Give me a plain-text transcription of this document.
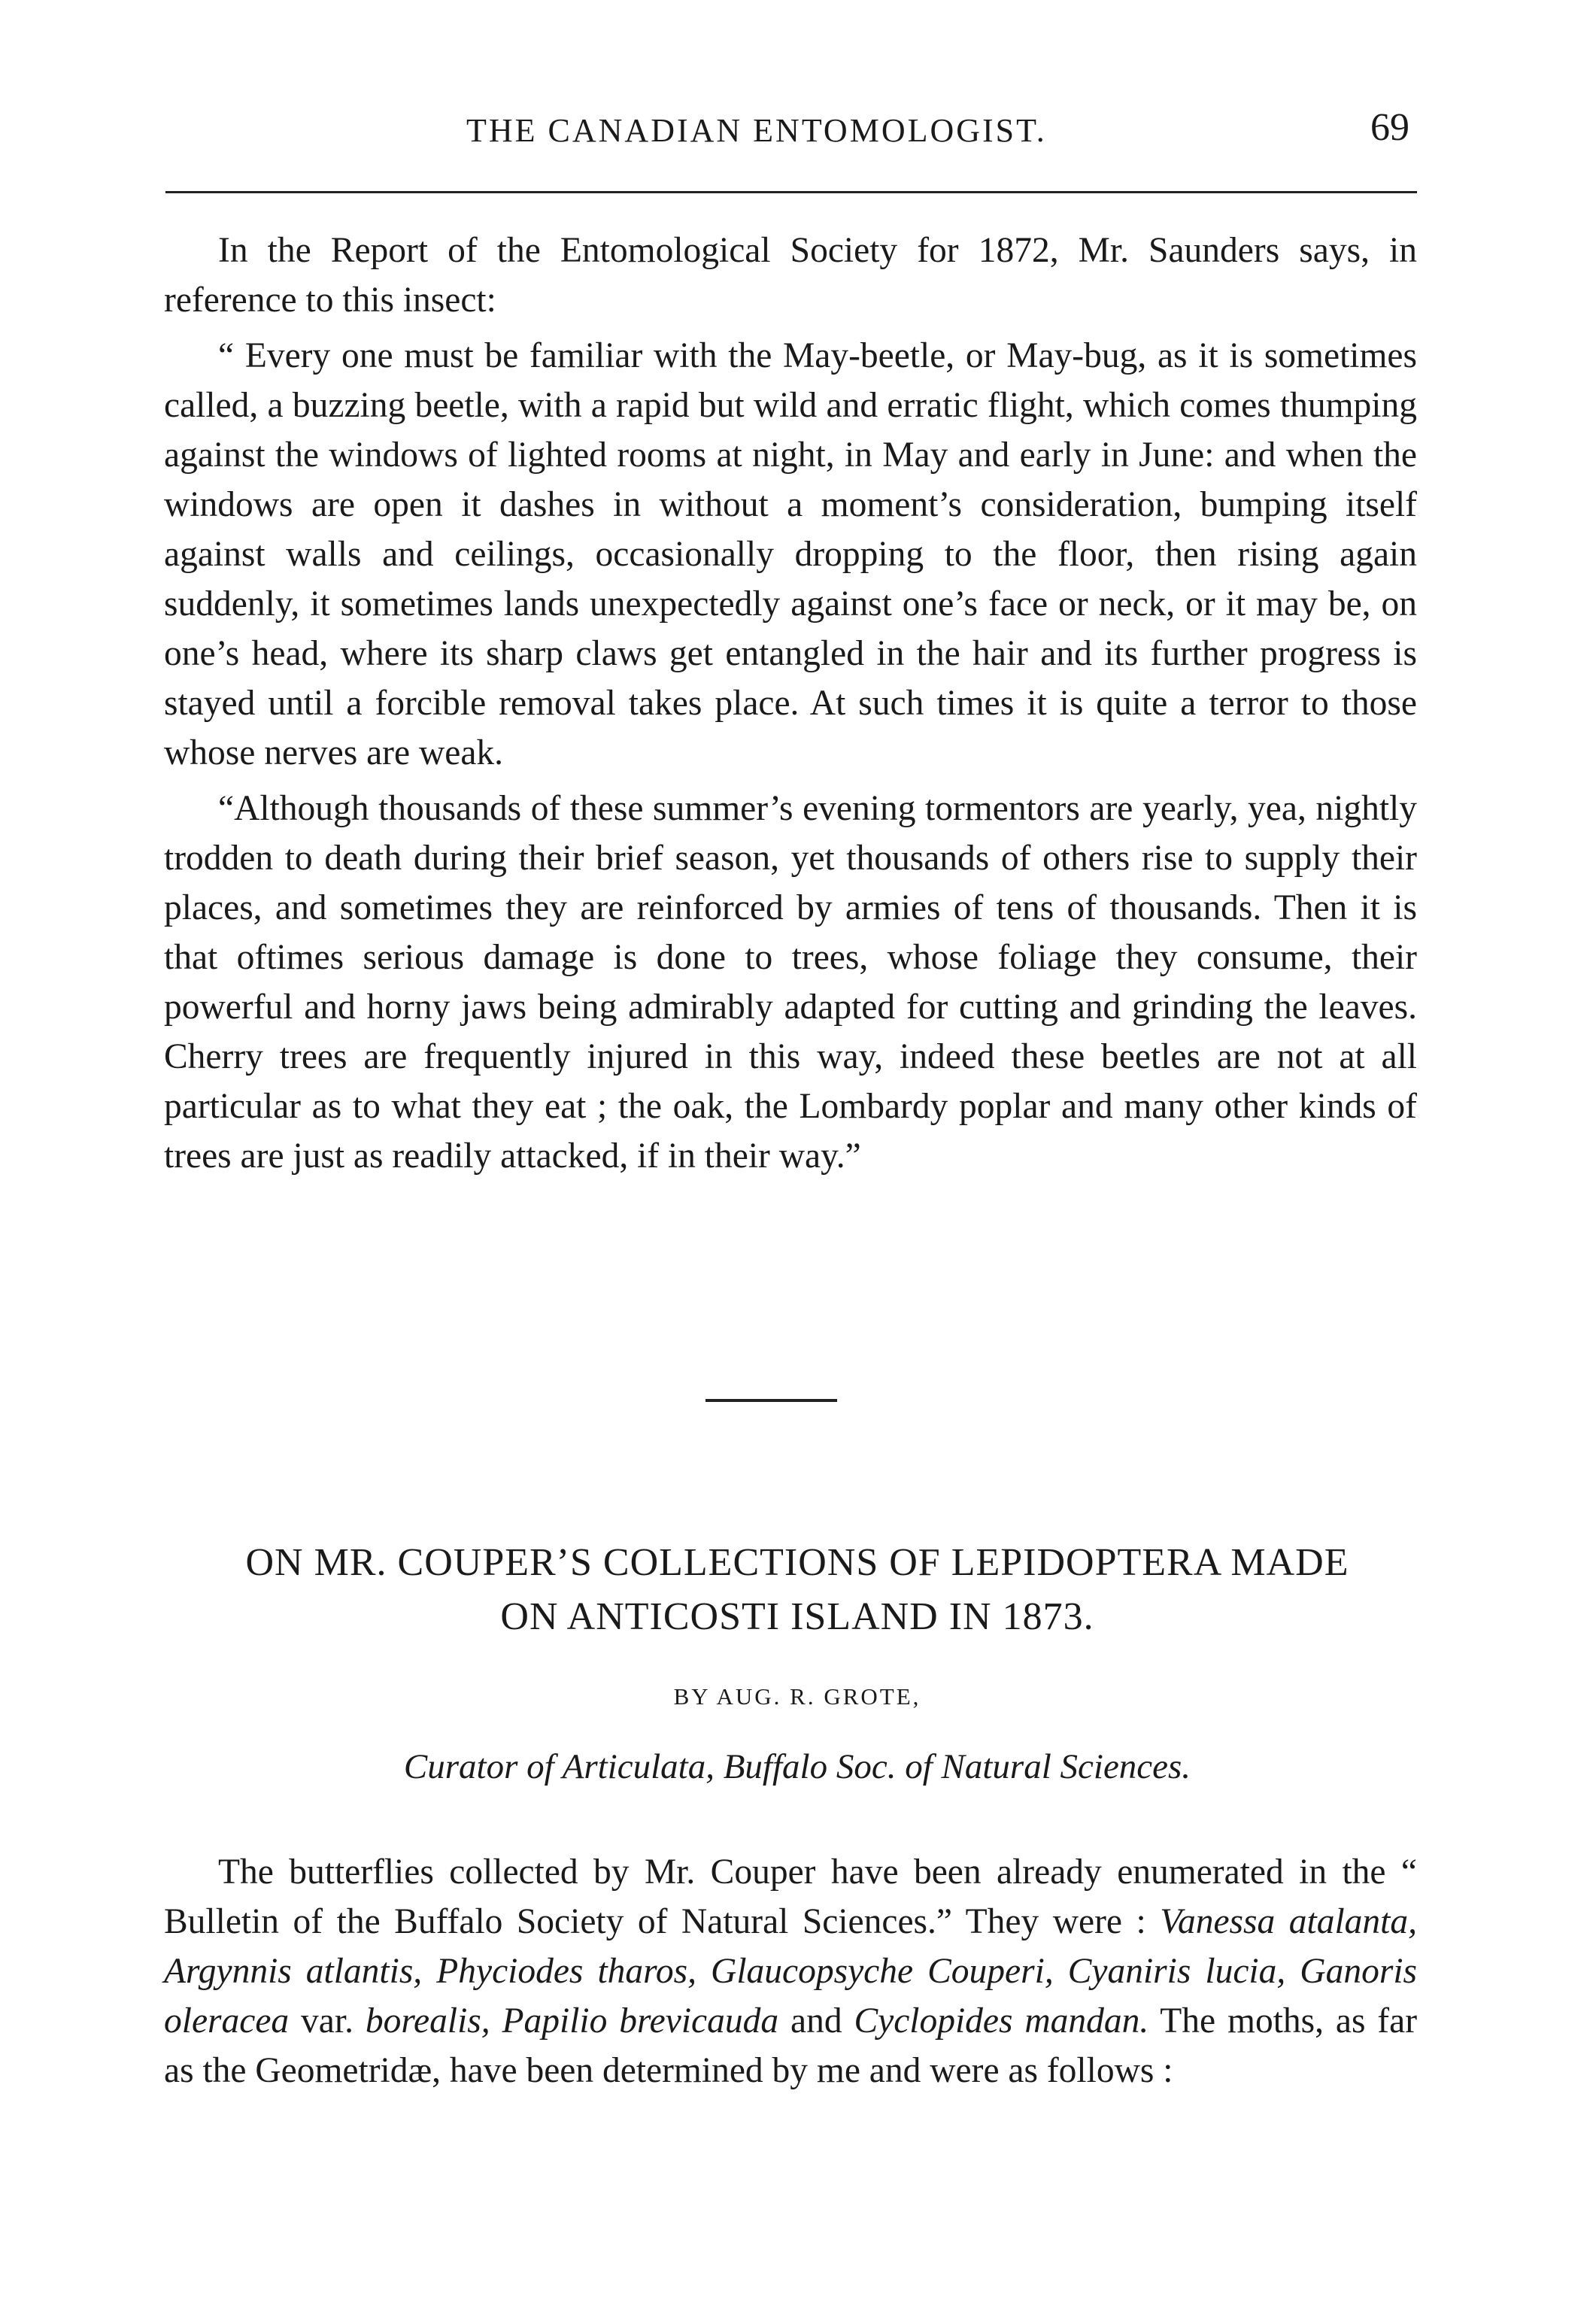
THE CANADIAN ENTOMOLOGIST.	69

In the Report of the Entomological Society for 1872, Mr. Saunders says, in reference to this insect:

“ Every one must be familiar with the May-beetle, or May-bug, as it is sometimes called, a buzzing beetle, with a rapid but wild and erratic flight, which comes thumping against the windows of lighted rooms at night, in May and early in June: and when the windows are open it dashes in without a moment’s consideration, bumping itself against walls and ceilings, occasionally dropping to the floor, then rising again suddenly, it sometimes lands unexpectedly against one’s face or neck, or it may be, on one’s head, where its sharp claws get entangled in the hair and its further progress is stayed until a forcible removal takes place. At such times it is quite a terror to those whose nerves are weak.

“Although thousands of these summer’s evening tormentors are yearly, yea, nightly trodden to death during their brief season, yet thousands of others rise to supply their places, and sometimes they are reinforced by armies of tens of thousands. Then it is that oftimes serious damage is done to trees, whose foliage they consume, their powerful and horny jaws being admirably adapted for cutting and grinding the leaves. Cherry trees are frequently injured in this way, indeed these beetles are not at all particular as to what they eat ; the oak, the Lombardy poplar and many other kinds of trees are just as readily attacked, if in their way.”

ON MR. COUPER’S COLLECTIONS OF LEPIDOPTERA MADE
ON ANTICOSTI ISLAND IN 1873.
BY AUG. R. GROTE,
Curator of Articulata, Buffalo Soc. of Natural Sciences.

The butterflies collected by Mr. Couper have been already enumerated in the “ Bulletin of the Buffalo Society of Natural Sciences.” They were : Vanessa atalanta, Argynnis atlantis, Phyciodes tharos, Glaucopsyche Couperi, Cyaniris lucia, Ganoris oleracea var. borealis, Papilio brevicauda and Cyclopides mandan. The moths, as far as the Geometridæ, have been determined by me and were as follows :
